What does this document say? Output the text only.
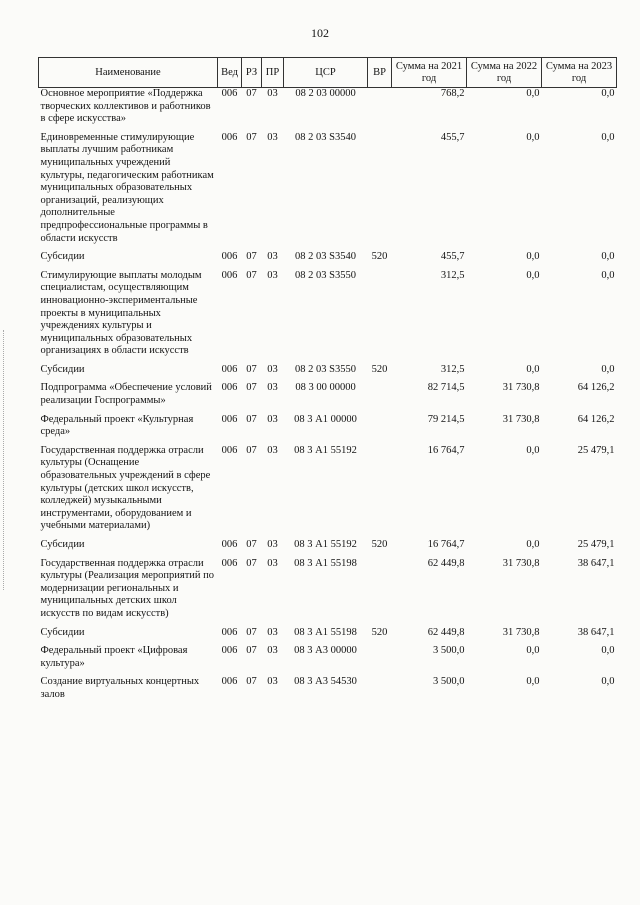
102
Наименование	Вед	РЗ	ПР	ЦСР	ВР	Сумма на 2021 год	Сумма на 2022 год	Сумма на 2023 год
Основное мероприятие «Поддержка творческих коллективов и работников в сфере искусства»	006	07	03	08 2 03 00000		768,2	0,0	0,0
Единовременные стимулирующие выплаты лучшим работникам муниципальных учреждений культуры, педагогическим работникам муниципальных образовательных организаций, реализующих дополнительные предпрофессиональные программы в области искусств	006	07	03	08 2 03 S3540		455,7	0,0	0,0
Субсидии	006	07	03	08 2 03 S3540	520	455,7	0,0	0,0
Стимулирующие выплаты молодым специалистам, осуществляющим инновационно-экспериментальные проекты в муниципальных учреждениях культуры и муниципальных образовательных организациях в области искусств	006	07	03	08 2 03 S3550		312,5	0,0	0,0
Субсидии	006	07	03	08 2 03 S3550	520	312,5	0,0	0,0
Подпрограмма «Обеспечение условий реализации Госпрограммы»	006	07	03	08 3 00 00000		82 714,5	31 730,8	64 126,2
Федеральный проект «Культурная среда»	006	07	03	08 3 А1 00000		79 214,5	31 730,8	64 126,2
Государственная поддержка отрасли культуры (Оснащение образовательных учреждений в сфере культуры (детских школ искусств, колледжей) музыкальными инструментами, оборудованием и учебными материалами)	006	07	03	08 3 А1 55192		16 764,7	0,0	25 479,1
Субсидии	006	07	03	08 3 А1 55192	520	16 764,7	0,0	25 479,1
Государственная поддержка отрасли культуры (Реализация мероприятий по модернизации региональных и муниципальных детских школ искусств по видам искусств)	006	07	03	08 3 А1 55198		62 449,8	31 730,8	38 647,1
Субсидии	006	07	03	08 3 А1 55198	520	62 449,8	31 730,8	38 647,1
Федеральный проект «Цифровая культура»	006	07	03	08 3 А3 00000		3 500,0	0,0	0,0
Создание виртуальных концертных залов	006	07	03	08 3 А3 54530		3 500,0	0,0	0,0
